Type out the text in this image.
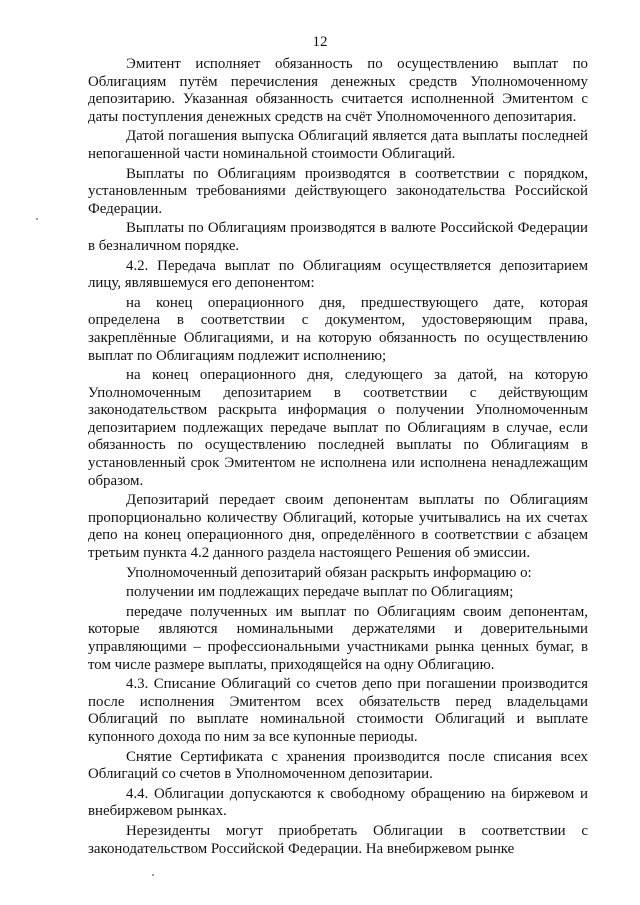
12

Эмитент исполняет обязанность по осуществлению выплат по Облигациям путём перечисления денежных средств Уполномоченному депозитарию. Указанная обязанность считается исполненной Эмитентом с даты поступления денежных средств на счёт Уполномоченного депозитария.

Датой погашения выпуска Облигаций является дата выплаты последней непогашенной части номинальной стоимости Облигаций.

Выплаты по Облигациям производятся в соответствии с порядком, установленным требованиями действующего законодательства Российской Федерации.

Выплаты по Облигациям производятся в валюте Российской Федерации в безналичном порядке.

4.2. Передача выплат по Облигациям осуществляется депозитарием лицу, являвшемуся его депонентом:

на конец операционного дня, предшествующего дате, которая определена в соответствии с документом, удостоверяющим права, закреплённые Облигациями, и на которую обязанность по осуществлению выплат по Облигациям подлежит исполнению;

на конец операционного дня, следующего за датой, на которую Уполномоченным депозитарием в соответствии с действующим законодательством раскрыта информация о получении Уполномоченным депозитарием подлежащих передаче выплат по Облигациям в случае, если обязанность по осуществлению последней выплаты по Облигациям в установленный срок Эмитентом не исполнена или исполнена ненадлежащим образом.

Депозитарий передает своим депонентам выплаты по Облигациям пропорционально количеству Облигаций, которые учитывались на их счетах депо на конец операционного дня, определённого в соответствии с абзацем третьим пункта 4.2 данного раздела настоящего Решения об эмиссии.

Уполномоченный депозитарий обязан раскрыть информацию о:

получении им подлежащих передаче выплат по Облигациям;

передаче полученных им выплат по Облигациям своим депонентам, которые являются номинальными держателями и доверительными управляющими – профессиональными участниками рынка ценных бумаг, в том числе размере выплаты, приходящейся на одну Облигацию.

4.3. Списание Облигаций со счетов депо при погашении производится после исполнения Эмитентом всех обязательств перед владельцами Облигаций по выплате номинальной стоимости Облигаций и выплате купонного дохода по ним за все купонные периоды.

Снятие Сертификата с хранения производится после списания всех Облигаций со счетов в Уполномоченном депозитарии.

4.4. Облигации допускаются к свободному обращению на биржевом и внебиржевом рынках.

Нерезиденты могут приобретать Облигации в соответствии с законодательством Российской Федерации. На внебиржевом рынке
